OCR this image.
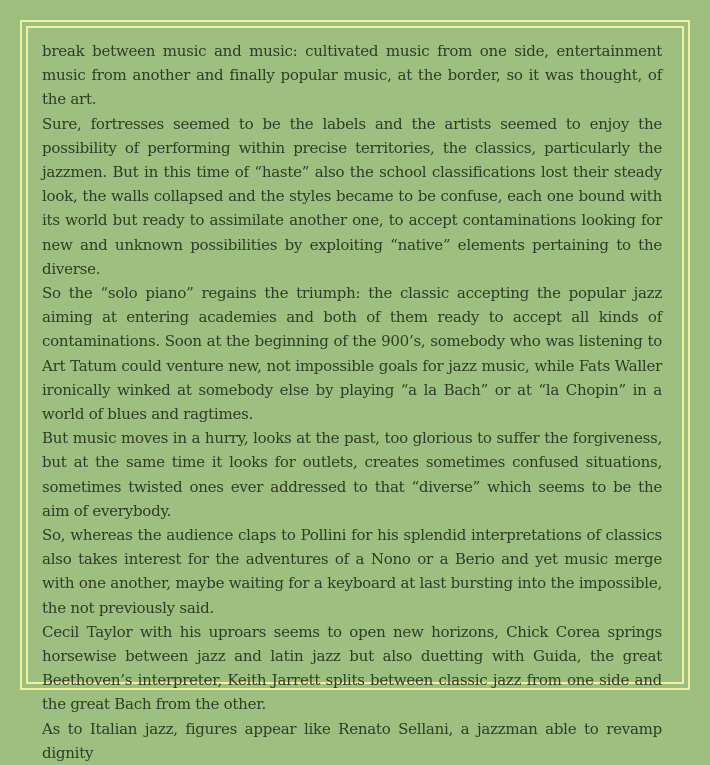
break between music and music: cultivated music from one side, entertainment music from another and finally popular music, at the border, so it was thought, of the art.

Sure, fortresses seemed to be the labels and the artists seemed to enjoy the possibility of performing within precise territories, the classics, particularly the jazzmen. But in this time of “haste” also the school classifications lost their steady look, the walls collapsed and the styles became to be confuse, each one bound with its world but ready to assimilate another one, to accept contaminations looking for new and unknown possibilities by exploiting “native” elements pertaining to the diverse.

So the “solo piano” regains the triumph: the classic accepting the popular jazz aiming at entering academies and both of them ready to accept all kinds of contaminations. Soon at the beginning of the 900’s, somebody who was listening to Art Tatum could venture new, not impossible goals for jazz music, while Fats Waller ironically winked at somebody else by playing “a la Bach” or at “la Chopin” in a world of blues and ragtimes.

But music moves in a hurry, looks at the past, too glorious to suffer the forgiveness, but at the same time it looks for outlets, creates sometimes confused situations, sometimes twisted ones ever addressed to that “diverse” which seems to be the aim of everybody.

So, whereas the audience claps to Pollini for his splendid interpretations of classics also takes interest for the adventures of a Nono or a Berio and yet music merge with one another, maybe waiting for a keyboard at last bursting into the impossible, the not previously said.

Cecil Taylor with his uproars seems to open new horizons, Chick Corea springs horsewise between jazz and latin jazz but also duetting with Guida, the great Beethoven’s interpreter, Keith Jarrett splits between classic jazz from one side and the great Bach from the other.

As to Italian jazz, figures appear like Renato Sellani, a jazzman able to revamp dignity
